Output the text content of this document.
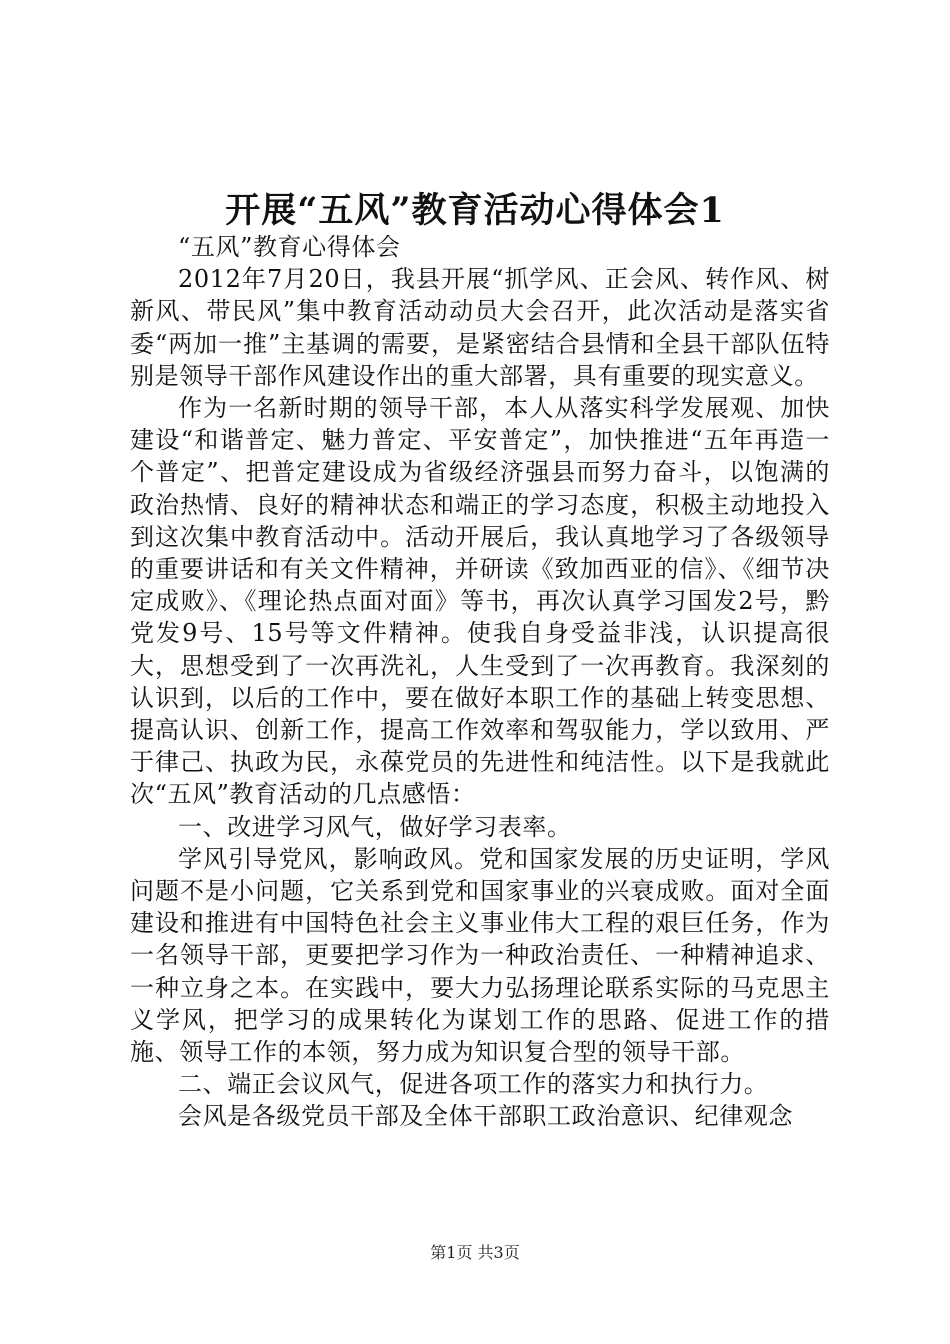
开展“五风”教育活动心得体会1

“五风”教育心得体会

2012年7月20日，我县开展“抓学风、正会风、转作风、树新风、带民风”集中教育活动动员大会召开，此次活动是落实省委“两加一推”主基调的需要，是紧密结合县情和全县干部队伍特别是领导干部作风建设作出的重大部署，具有重要的现实意义。

作为一名新时期的领导干部，本人从落实科学发展观、加快建设“和谐普定、魅力普定、平安普定”，加快推进“五年再造一个普定”、把普定建设成为省级经济强县而努力奋斗，以饱满的政治热情、良好的精神状态和端正的学习态度，积极主动地投入到这次集中教育活动中。活动开展后，我认真地学习了各级领导的重要讲话和有关文件精神，并研读《致加西亚的信》、《细节决定成败》、《理论热点面对面》等书，再次认真学习国发2号，黔党发9号、15号等文件精神。使我自身受益非浅，认识提高很大，思想受到了一次再洗礼，人生受到了一次再教育。我深刻的认识到，以后的工作中，要在做好本职工作的基础上转变思想、提高认识、创新工作，提高工作效率和驾驭能力，学以致用、严于律己、执政为民，永葆党员的先进性和纯洁性。以下是我就此次“五风”教育活动的几点感悟：

一、改进学习风气，做好学习表率。

学风引导党风，影响政风。党和国家发展的历史证明，学风问题不是小问题，它关系到党和国家事业的兴衰成败。面对全面建设和推进有中国特色社会主义事业伟大工程的艰巨任务，作为一名领导干部，更要把学习作为一种政治责任、一种精神追求、一种立身之本。在实践中，要大力弘扬理论联系实际的马克思主义学风，把学习的成果转化为谋划工作的思路、促进工作的措施、领导工作的本领，努力成为知识复合型的领导干部。

二、端正会议风气，促进各项工作的落实力和执行力。

会风是各级党员干部及全体干部职工政治意识、纪律观念

第1页 共3页
